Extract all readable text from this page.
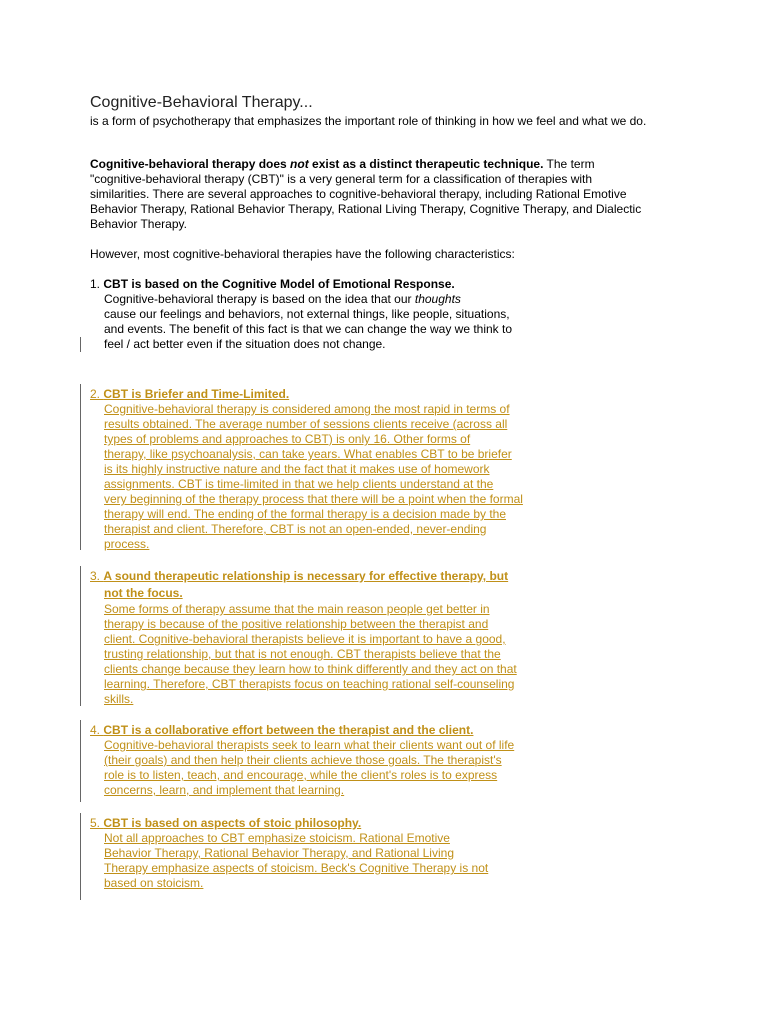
Cognitive-Behavioral Therapy...
is a form of psychotherapy that emphasizes the important role of thinking in how we feel and what we do.
Cognitive-behavioral therapy does not exist as a distinct therapeutic technique. The term
"cognitive-behavioral therapy (CBT)" is a very general term for a classification of therapies with
similarities. There are several approaches to cognitive-behavioral therapy, including Rational Emotive
Behavior Therapy, Rational Behavior Therapy, Rational Living Therapy, Cognitive Therapy, and Dialectic
Behavior Therapy.
However, most cognitive-behavioral therapies have the following characteristics:
1. CBT is based on the Cognitive Model of Emotional Response.
Cognitive-behavioral therapy is based on the idea that our thoughts
cause our feelings and behaviors, not external things, like people, situations,
and events. The benefit of this fact is that we can change the way we think to
feel / act better even if the situation does not change.
2. CBT is Briefer and Time-Limited.
Cognitive-behavioral therapy is considered among the most rapid in terms of
results obtained. The average number of sessions clients receive (across all
types of problems and approaches to CBT) is only 16. Other forms of
therapy, like psychoanalysis, can take years. What enables CBT to be briefer
is its highly instructive nature and the fact that it makes use of homework
assignments. CBT is time-limited in that we help clients understand at the
very beginning of the therapy process that there will be a point when the formal
therapy will end. The ending of the formal therapy is a decision made by the
therapist and client. Therefore, CBT is not an open-ended, never-ending
process.
3. A sound therapeutic relationship is necessary for effective therapy, but
not the focus.
Some forms of therapy assume that the main reason people get better in
therapy is because of the positive relationship between the therapist and
client. Cognitive-behavioral therapists believe it is important to have a good,
trusting relationship, but that is not enough. CBT therapists believe that the
clients change because they learn how to think differently and they act on that
learning. Therefore, CBT therapists focus on teaching rational self-counseling
skills.
4. CBT is a collaborative effort between the therapist and the client.
Cognitive-behavioral therapists seek to learn what their clients want out of life
(their goals) and then help their clients achieve those goals. The therapist's
role is to listen, teach, and encourage, while the client's roles is to express
concerns, learn, and implement that learning.
5. CBT is based on aspects of stoic philosophy.
Not all approaches to CBT emphasize stoicism. Rational Emotive
Behavior Therapy, Rational Behavior Therapy, and Rational Living
Therapy emphasize aspects of stoicism. Beck's Cognitive Therapy is not
based on stoicism.
